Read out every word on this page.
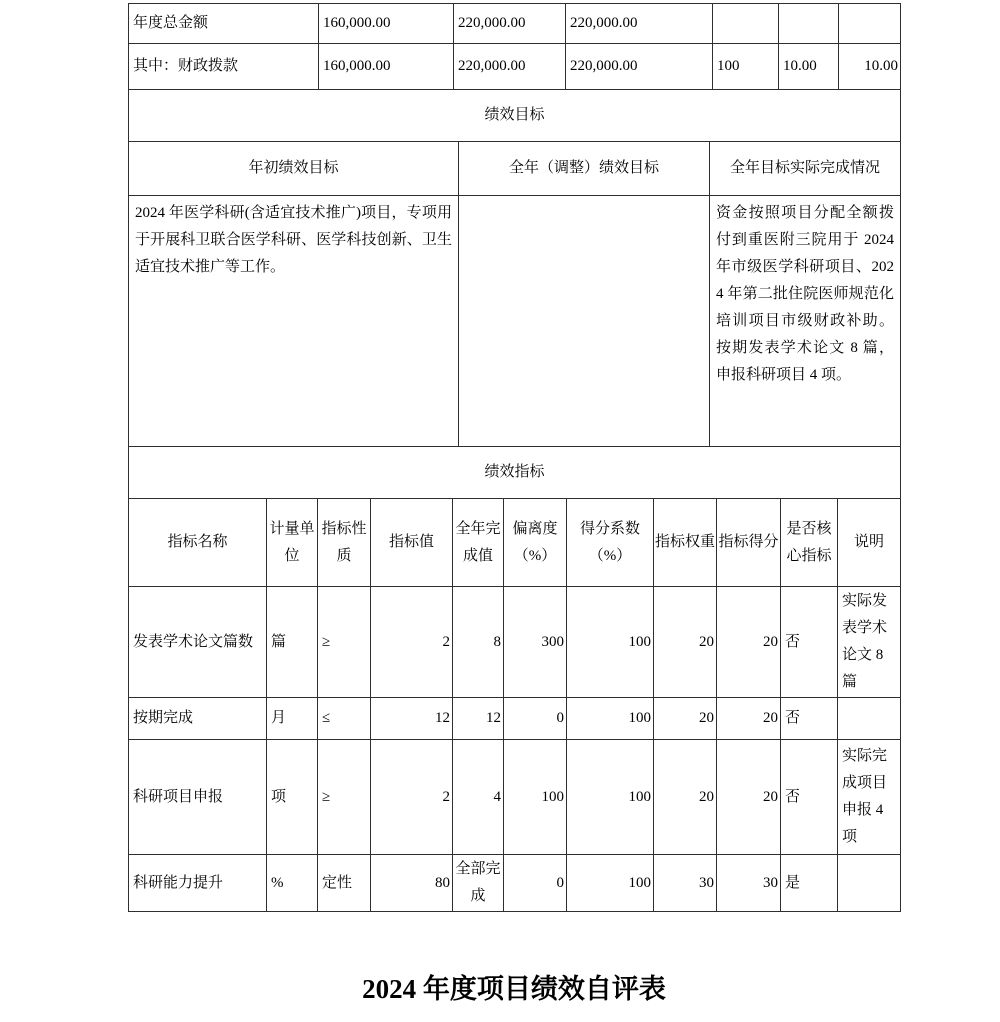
年度总金额	160,000.00	220,000.00	220,000.00			
其中：财政拨款	160,000.00	220,000.00	220,000.00	100	10.00	10.00
绩效目标		
年初绩效目标	全年（调整）绩效目标	全年目标实际完成情况
2024 年医学科研(含适宜技术推广)项目，专项用于开展科卫联合医学科研、医学科技创新、卫生适宜技术推广等工作。		资金按照项目分配全额拨付到重医附三院用于 2024 年市级医学科研项目、2024 年第二批住院医师规范化培训项目市级财政补助。按期发表学术论文 8 篇，申报科研项目 4 项。
绩效指标										
指标名称	计量单位	指标性质	指标值	全年完成值	偏离度（%）	得分系数（%）	指标权重	指标得分	是否核心指标	说明
发表学术论文篇数	篇	≥	2	8	300	100	20	20	否	实际发表学术论文 8 篇
按期完成	月	≤	12	12	0	100	20	20	否	
科研项目申报	项	≥	2	4	100	100	20	20	否	实际完成项目申报 4 项
科研能力提升	%	定性	80	全部完成	0	100	30	30	是	
2024 年度项目绩效自评表
